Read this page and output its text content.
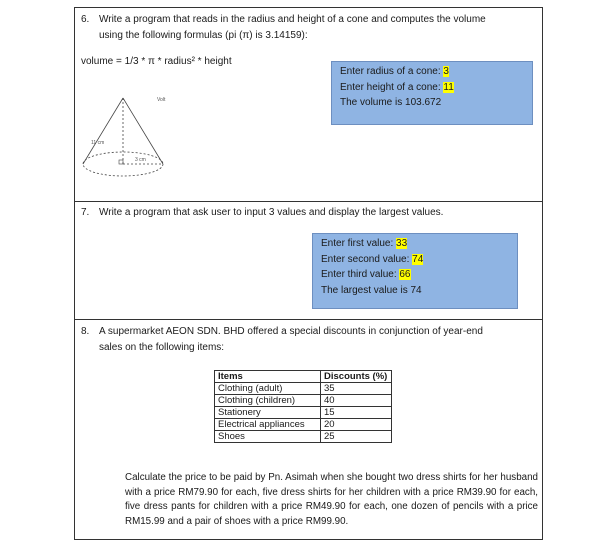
6. Write a program that reads in the radius and height of a cone and computes the volume
using the following formulas (pi (π) is 3.14159):
volume = 1/3 * π * radius² * height
Volt
11 cm
3 cm
Enter radius of a cone: 3
Enter height of a cone: 11
The volume is 103.672
7. Write a program that ask user to input 3 values and display the largest values.
Enter first value: 33
Enter second value: 74
Enter third value: 66
The largest value is 74
8. A supermarket AEON SDN. BHD offered a special discounts in conjunction of year-end
sales on the following items:
Items	Discounts (%)
Clothing (adult)	35
Clothing (children)	40
Stationery	15
Electrical appliances	20
Shoes	25
Calculate the price to be paid by Pn. Asimah when she bought two dress shirts for her husband with a price RM79.90 for each, five dress shirts for her children with a price RM39.90 for each, five dress pants for children with a price RM49.90 for each, one dozen of pencils with a price RM15.99 and a pair of shoes with a price RM99.90.
